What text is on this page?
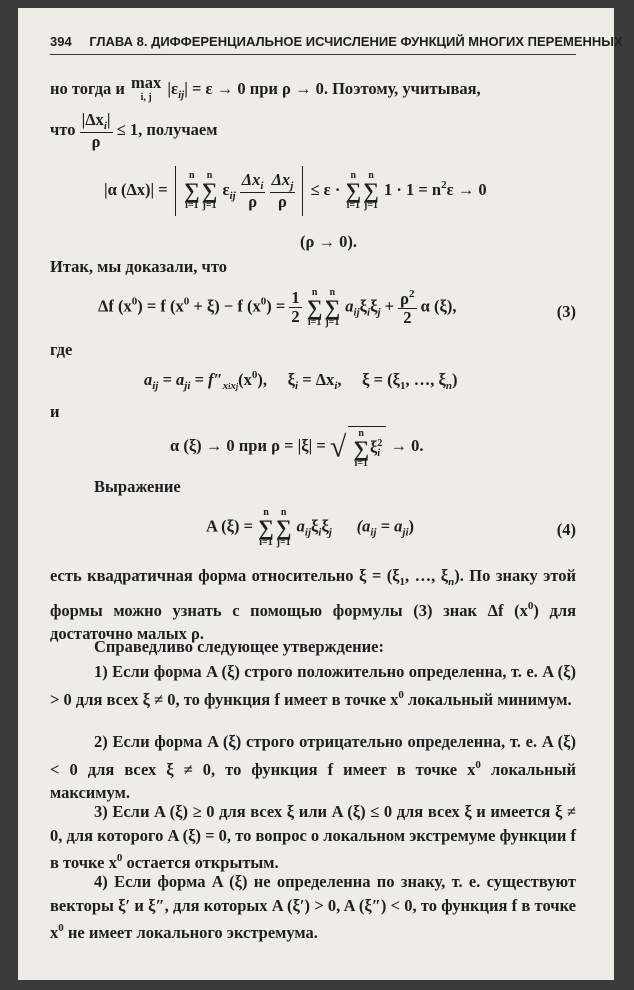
394 ГЛАВА 8. ДИФФЕРЕНЦИАЛЬНОЕ ИСЧИСЛЕНИЕ ФУНКЦИЙ МНОГИХ ПЕРЕМЕННЫХ
но тогда и max
i, j $|\varepsilon_{ij}| = \varepsilon \to 0$ при ρ → 0. Поэтому, учитывая,
что $\frac{|\Delta x_i|}{\rho} \le 1$, получаем
|α (Δx)| =
n
∑
i=1
n
∑
j=1
$\varepsilon_{ij} \frac{\Delta x_i}{\rho}$
$\frac{\Delta x_j}{\rho} \le \varepsilon$ ·
n
∑
i=1
n
∑
j=1
$1 \cdot 1 = n^2\varepsilon \to 0$
(ρ → 0).
Итак, мы доказали, что
Δf $(x^0) = f$ $(x^0 + \xi) - f$ $(x^0) = \frac{1}{2}$
	n
∑
i=1
n
∑
j=1
$a_{ij}\xi_i\xi_j + \frac{\rho^2}{2}$ α (ξ),	(3)
где
$a_{ij} = a_{ji} = f''_{xixj}(x^0)$, $\xi_i = \Delta x_i$, $\xi = (\xi_1$, …, $\xi_n$)
и
α (ξ) → 0 при ρ = |ξ| = √	n
∑
i=1
ξ 2
i → 0.
Выражение
A (ξ) =
n
∑
i=1
n
∑
j=1
$a_{ij}\xi_i\xi_j$ $(a_{ij} = a_{ji})$	(4)
есть квадратичная форма относительно $\xi = (\xi_1$, …, $\xi_n$). По знаку этой формы можно узнать с помощью формулы (3) знак Δf $(x^0)$ для достаточно малых ρ.
Справедливо следующее утверждение:
1) Если форма A (ξ) строго положительно определенна, т. е. A (ξ) > 0 для всех ξ ≠ 0, то функция f имеет в точке $x^0$ локальный минимум.
2) Если форма A (ξ) строго отрицательно определенна, т. е. A (ξ) < 0 для всех ξ ≠ 0, то функция f имеет в точке $x^0$ локальный максимум.
3) Если A (ξ) ≥ 0 для всех ξ или A (ξ) ≤ 0 для всех ξ и имеется ξ ≠ 0, для которого A (ξ) = 0, то вопрос о локальном экстремуме функции f в точке $x^0$ остается открытым.
4) Если форма A (ξ) не определенна по знаку, т. е. существуют векторы ξ′ и ξ″, для которых A (ξ′) > 0, A (ξ″) < 0, то функция f в точке $x^0$ не имеет локального экстремума.
